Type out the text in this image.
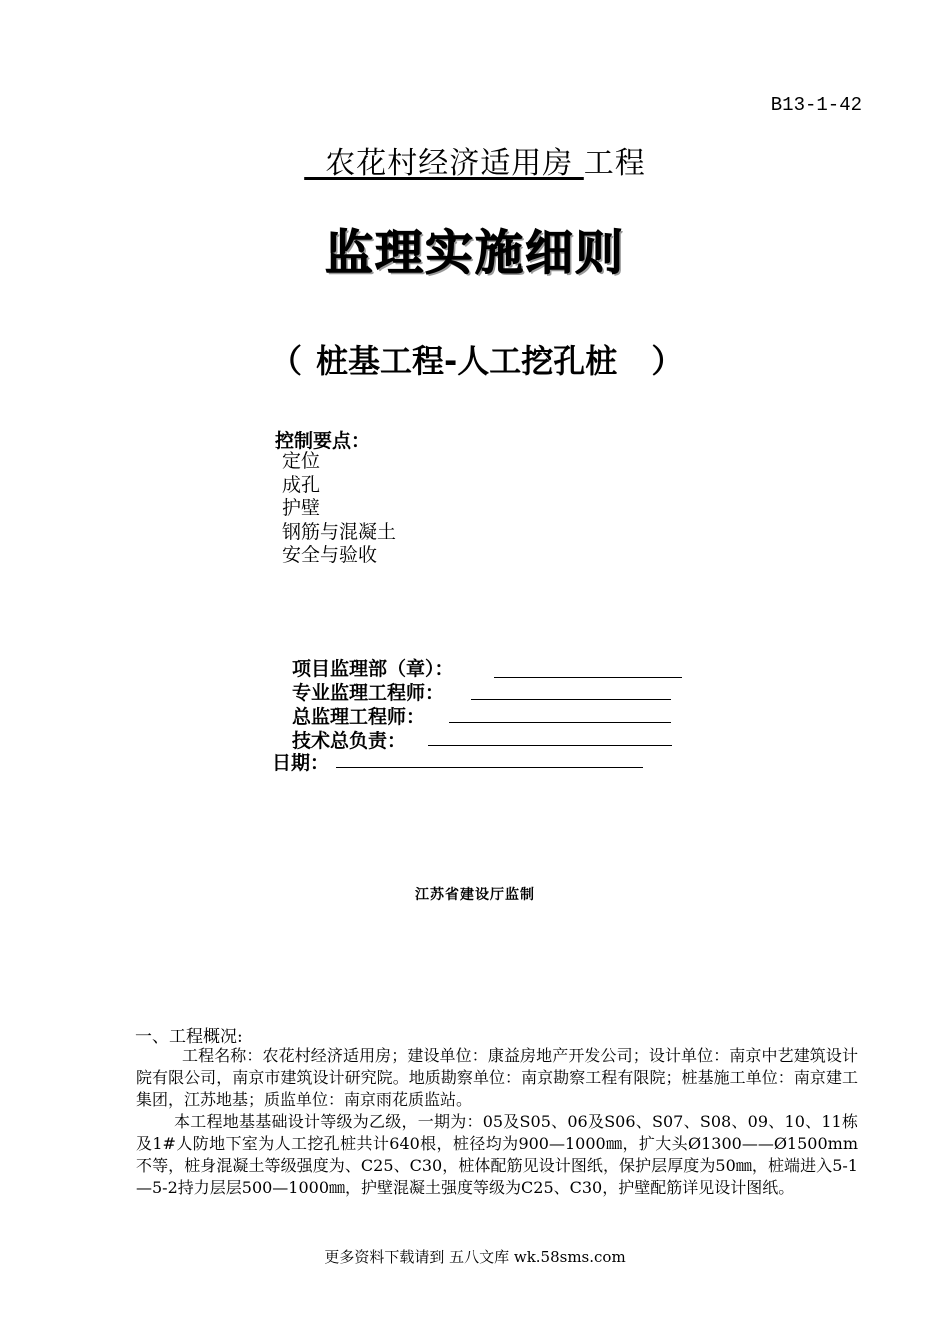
B13-1-42
农花村经济适用房 工程
监理实施细则
（ 桩基工程-人工挖孔桩 ）
控制要点：
定位
成孔
护壁
钢筋与混凝土
安全与验收
项目监理部（章）：
专业监理工程师：
总监理工程师：
技术总负责：
日期：
江苏省建设厅监制
一、工程概况:
工程名称：农花村经济适用房；建设单位：康益房地产开发公司；设计单位：南京中艺建筑设计院有限公司，南京市建筑设计研究院。地质勘察单位：南京勘察工程有限院；桩基施工单位：南京建工集团，江苏地基；质监单位：南京雨花质监站。
本工程地基基础设计等级为乙级，一期为：05及S05、06及S06、S07、S08、09、10、11栋及1#人防地下室为人工挖孔桩共计640根，桩径均为900—1000㎜，扩大头Ø1300——Ø1500mm不等，桩身混凝土等级强度为、C25、C30，桩体配筋见设计图纸，保护层厚度为50㎜，桩端进入5-1—5-2持力层层500—1000㎜，护壁混凝土强度等级为C25、C30，护壁配筋详见设计图纸。
更多资料下载请到 五八文库 wk.58sms.com
